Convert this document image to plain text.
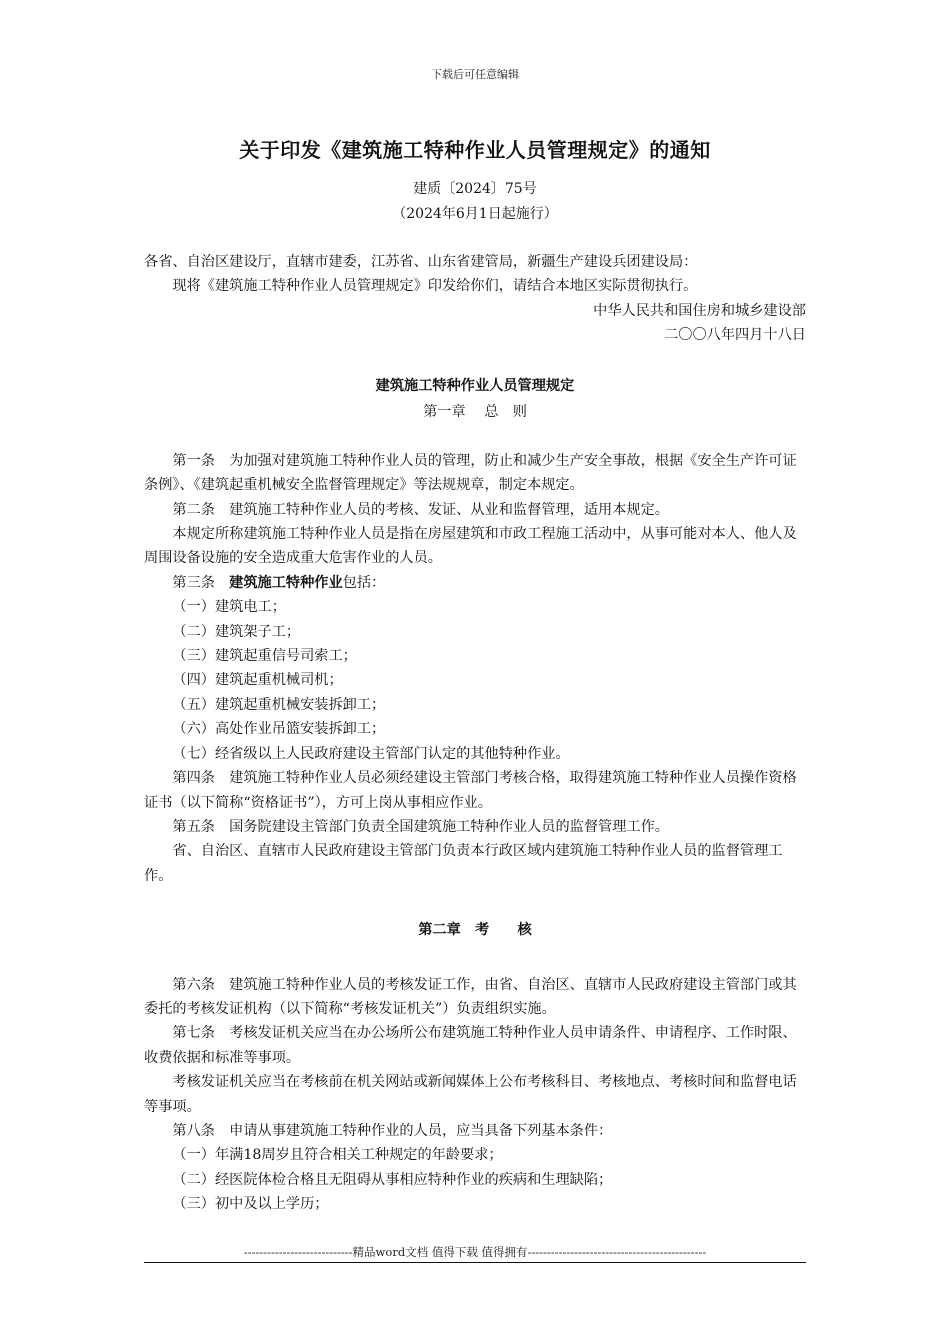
下载后可任意编辑
关于印发《建筑施工特种作业人员管理规定》的通知
建质〔2024〕75号
（2024年6月1日起施行）

各省、自治区建设厅，直辖市建委，江苏省、山东省建管局，新疆生产建设兵团建设局：

现将《建筑施工特种作业人员管理规定》印发给你们，请结合本地区实际贯彻执行。

中华人民共和国住房和城乡建设部

二〇〇八年四月十八日

建筑施工特种作业人员管理规定

第一章　 总　则

第一条　为加强对建筑施工特种作业人员的管理，防止和减少生产安全事故，根据《安全生产许可证条例》、《建筑起重机械安全监督管理规定》等法规规章，制定本规定。

第二条　建筑施工特种作业人员的考核、发证、从业和监督管理，适用本规定。

本规定所称建筑施工特种作业人员是指在房屋建筑和市政工程施工活动中，从事可能对本人、他人及周围设备设施的安全造成重大危害作业的人员。

第三条　建筑施工特种作业包括：

（一）建筑电工；

（二）建筑架子工；

（三）建筑起重信号司索工；

（四）建筑起重机械司机；

（五）建筑起重机械安装拆卸工；

（六）高处作业吊篮安装拆卸工；

（七）经省级以上人民政府建设主管部门认定的其他特种作业。

第四条　建筑施工特种作业人员必须经建设主管部门考核合格，取得建筑施工特种作业人员操作资格证书（以下简称“资格证书”），方可上岗从事相应作业。

第五条　国务院建设主管部门负责全国建筑施工特种作业人员的监督管理工作。

省、自治区、直辖市人民政府建设主管部门负责本行政区域内建筑施工特种作业人员的监督管理工作。

第二章　考　　核

第六条　建筑施工特种作业人员的考核发证工作，由省、自治区、直辖市人民政府建设主管部门或其委托的考核发证机构（以下简称“考核发证机关”）负责组织实施。

第七条　考核发证机关应当在办公场所公布建筑施工特种作业人员申请条件、申请程序、工作时限、收费依据和标准等事项。

考核发证机关应当在考核前在机关网站或新闻媒体上公布考核科目、考核地点、考核时间和监督电话等事项。

第八条　申请从事建筑施工特种作业的人员，应当具备下列基本条件：

（一）年满18周岁且符合相关工种规定的年龄要求；

（二）经医院体检合格且无阻碍从事相应特种作业的疾病和生理缺陷；

（三）初中及以上学历；

----------------------------精品word文档 值得下载 值得拥有----------------------------------------------
